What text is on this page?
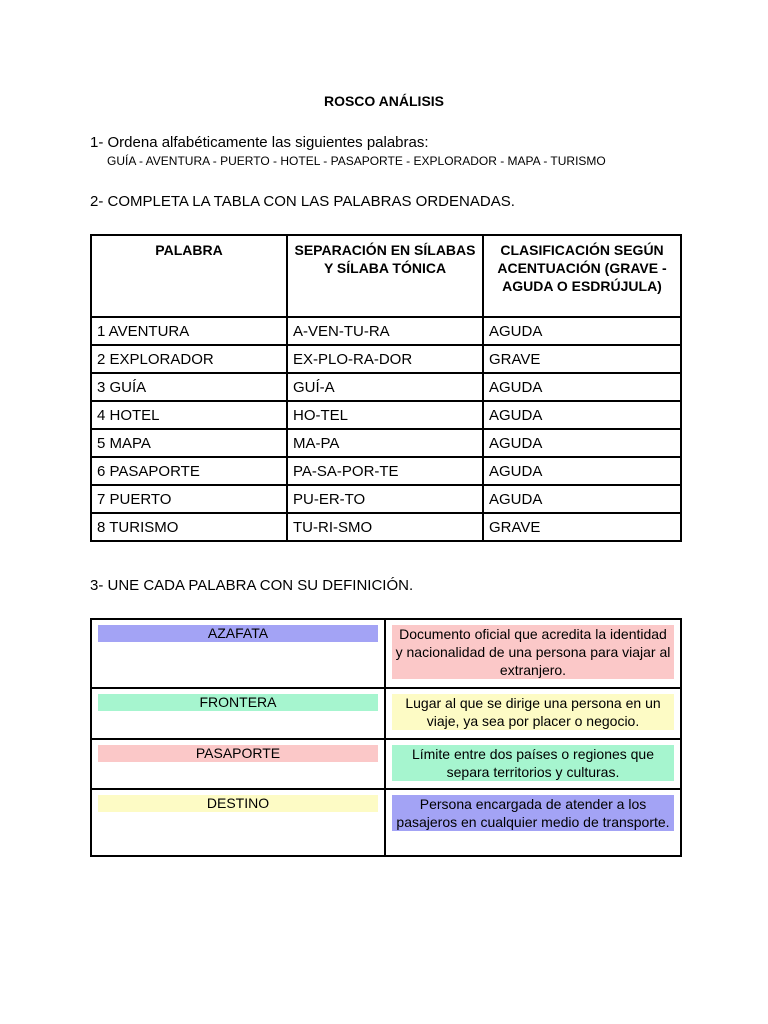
ROSCO ANÁLISIS
1- Ordena alfabéticamente las siguientes palabras:
GUÍA - AVENTURA - PUERTO - HOTEL - PASAPORTE - EXPLORADOR - MAPA - TURISMO
2- COMPLETA LA TABLA CON LAS PALABRAS ORDENADAS.
PALABRA	SEPARACIÓN EN SÍLABAS Y SÍLABA TÓNICA	CLASIFICACIÓN SEGÚN ACENTUACIÓN (GRAVE - AGUDA O ESDRÚJULA)
1 AVENTURA	A-VEN-TU-RA	AGUDA
2 EXPLORADOR	EX-PLO-RA-DOR	GRAVE
3 GUÍA	GUÍ-A	AGUDA
4 HOTEL	HO-TEL	AGUDA
5 MAPA	MA-PA	AGUDA
6 PASAPORTE	PA-SA-POR-TE	AGUDA
7 PUERTO	PU-ER-TO	AGUDA
8 TURISMO	TU-RI-SMO	GRAVE
3- UNE CADA PALABRA CON SU DEFINICIÓN.
AZAFATA	Documento oficial que acredita la identidad y nacionalidad de una persona para viajar al extranjero.

FRONTERA	Lugar al que se dirige una persona en un viaje, ya sea por placer o negocio.

PASAPORTE	Límite entre dos países o regiones que separa territorios y culturas.

DESTINO	Persona encargada de atender a los pasajeros en cualquier medio de transporte.
